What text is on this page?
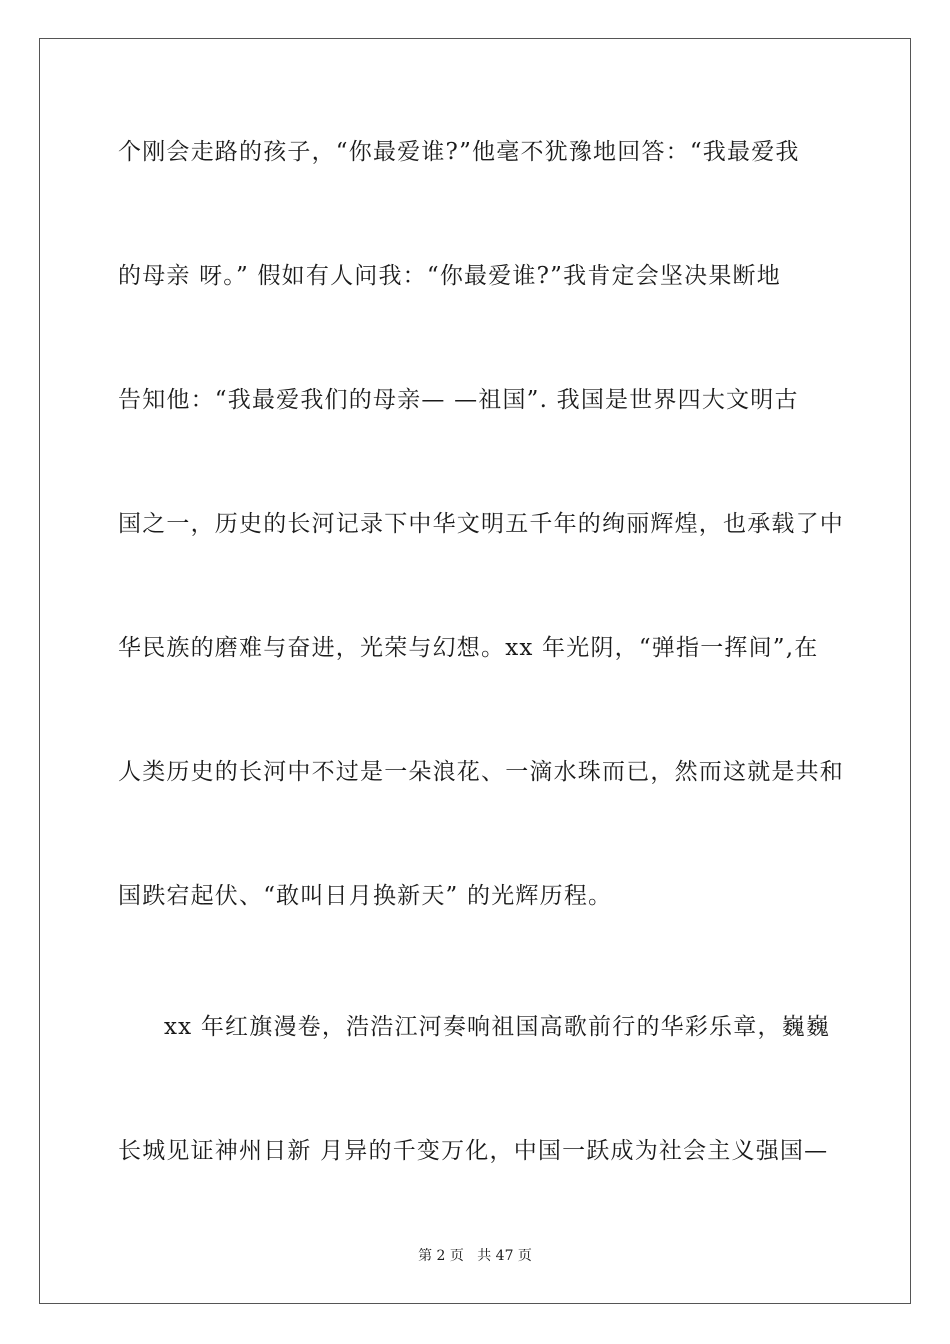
个刚会走路的孩子，“你最爱谁?”他毫不犹豫地回答：“我最爱我
的母亲 呀。” 假如有人问我：“你最爱谁?”我肯定会坚决果断地
告知他：“我最爱我们的母亲— —祖国”. 我国是世界四大文明古
国之一，历史的长河记录下中华文明五千年的绚丽辉煌，也承载了中
华民族的磨难与奋进，光荣与幻想。xx 年光阴，“弹指一挥间”,在
人类历史的长河中不过是一朵浪花、一滴水珠而已，然而这就是共和
国跌宕起伏、“敢叫日月换新天” 的光辉历程。
xx 年红旗漫卷，浩浩江河奏响祖国高歌前行的华彩乐章，巍巍
长城见证神州日新 月异的千变万化，中国一跃成为社会主义强国—
第 2 页   共 47 页
